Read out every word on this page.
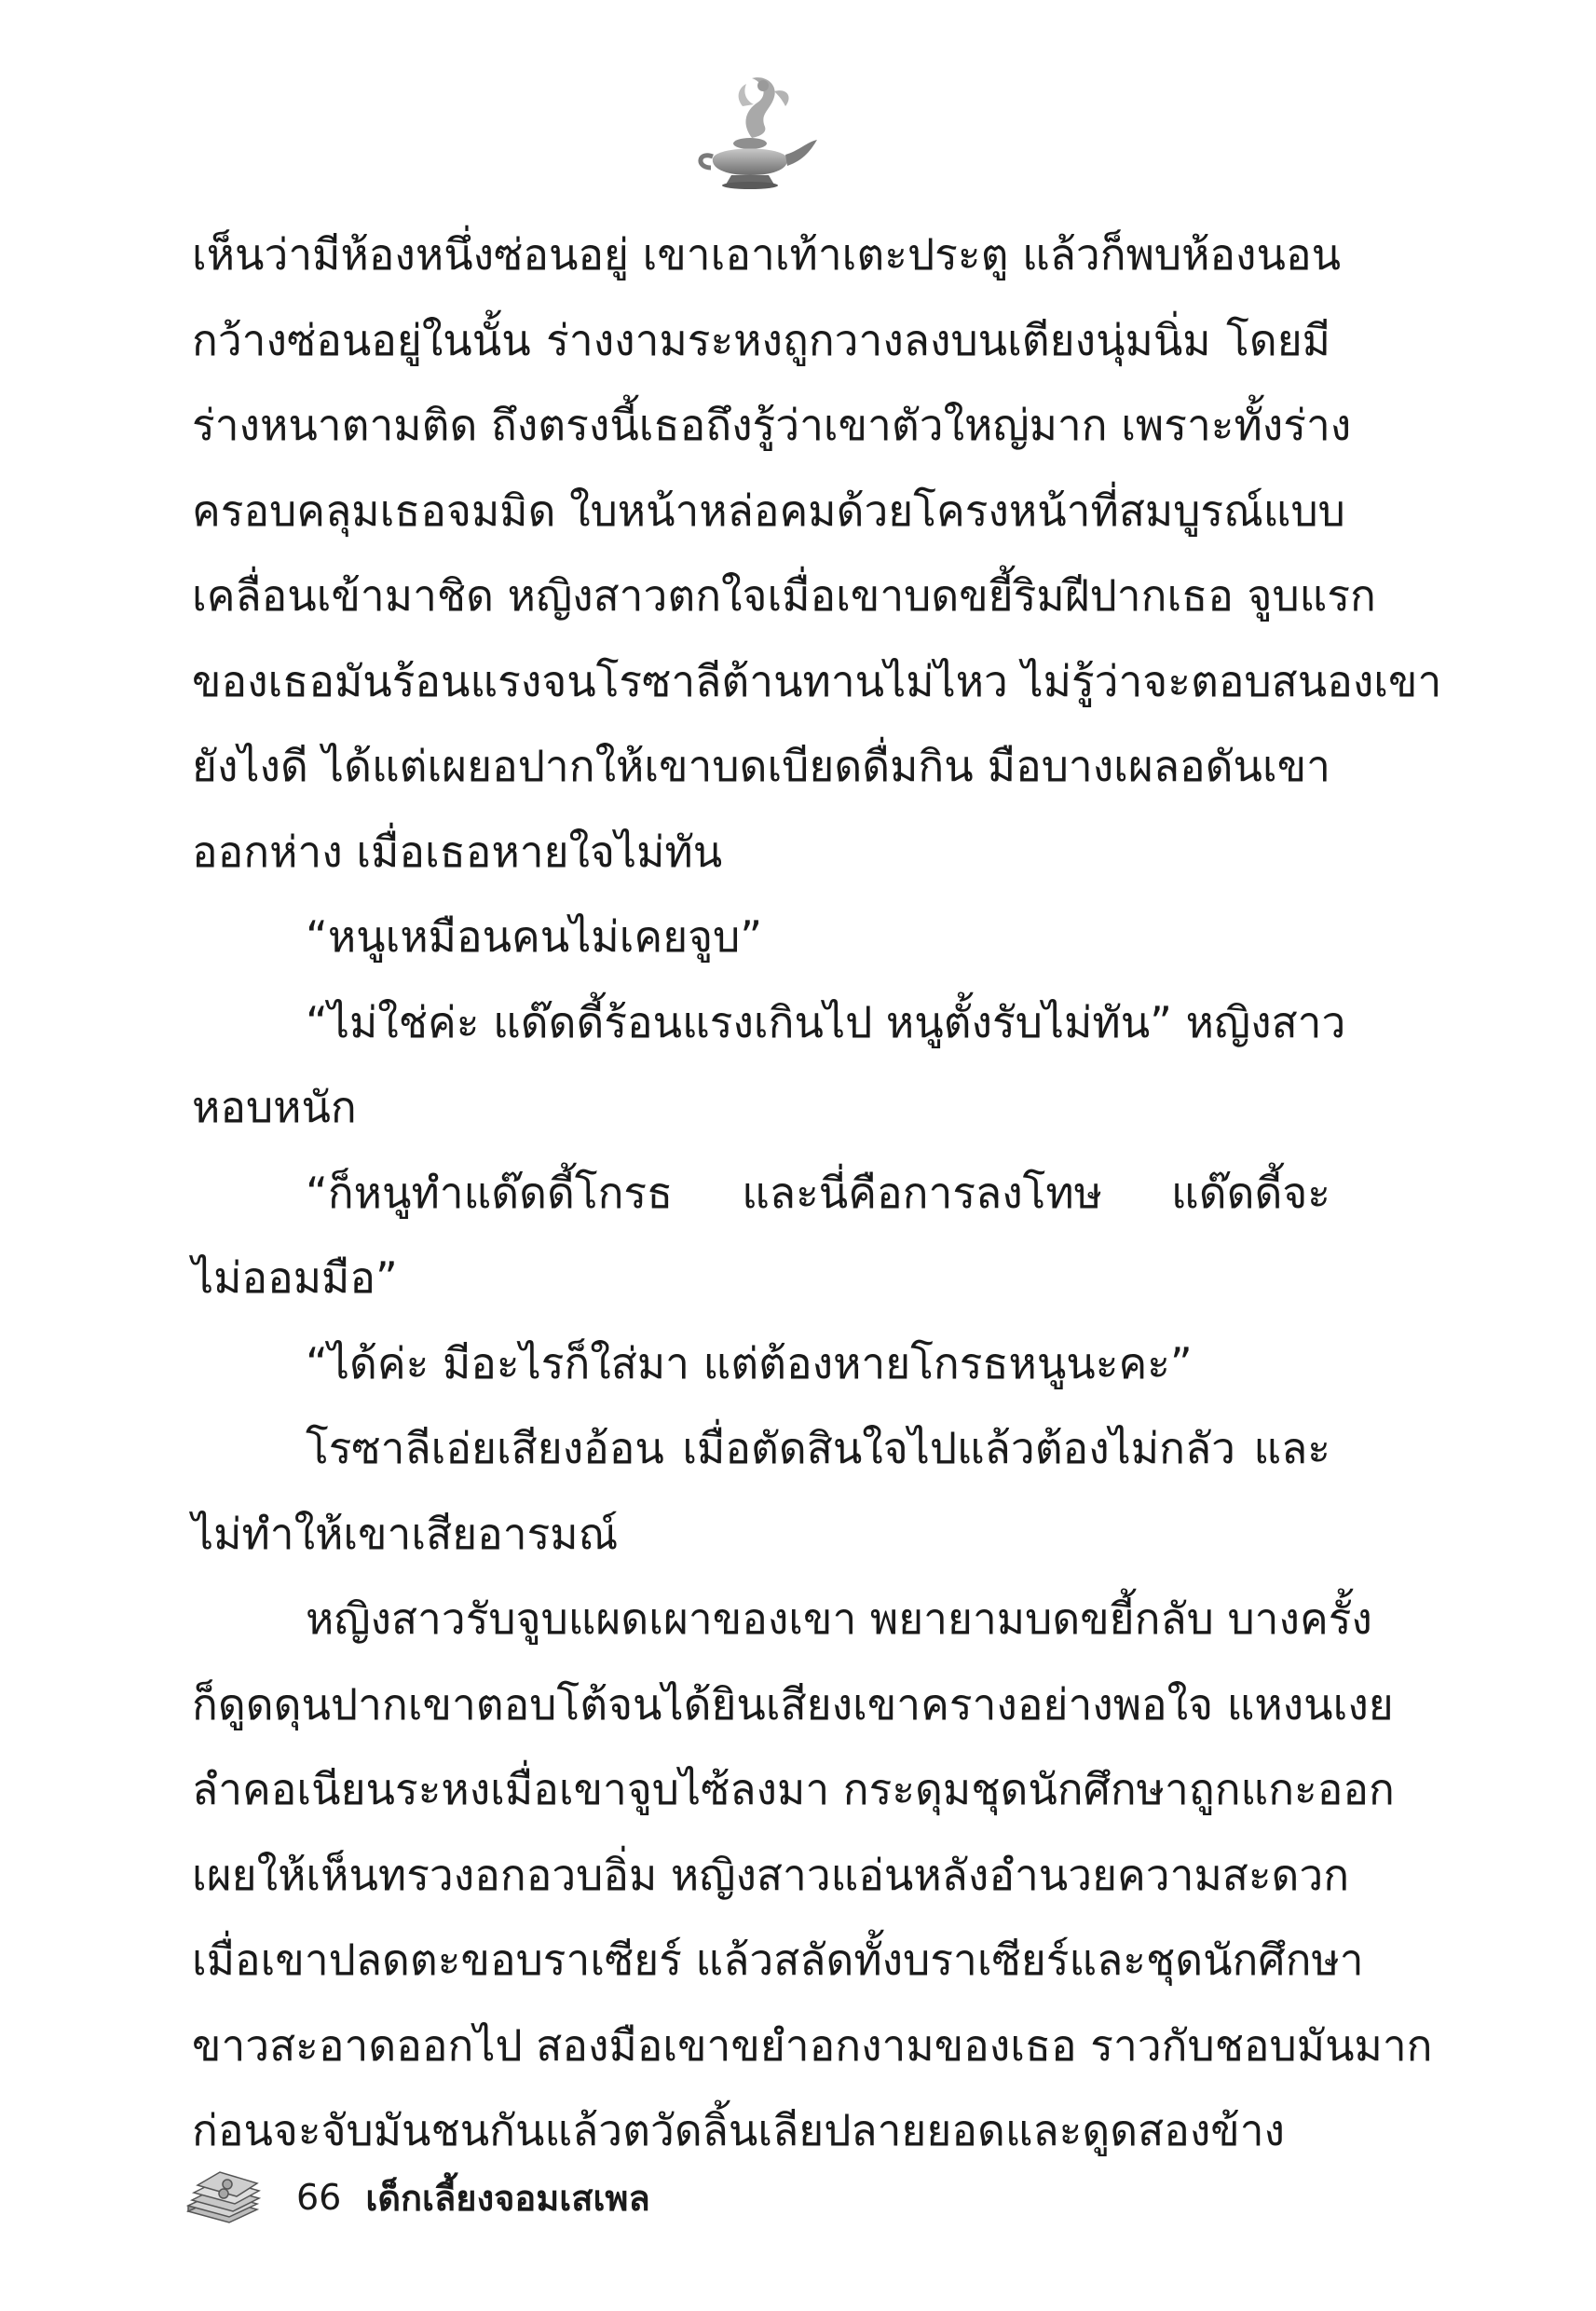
เห็นว่ามีห้องหนึ่งซ่อนอยู่ เขาเอาเท้าเตะประตู แล้วก็พบห้องนอน

กว้างซ่อนอยู่ในนั้น ร่างงามระหงถูกวางลงบนเตียงนุ่มนิ่ม โดยมี

ร่างหนาตามติด ถึงตรงนี้เธอถึงรู้ว่าเขาตัวใหญ่มาก เพราะทั้งร่าง

ครอบคลุมเธอจมมิด ใบหน้าหล่อคมด้วยโครงหน้าที่สมบูรณ์แบบ

เคลื่อนเข้ามาชิด หญิงสาวตกใจเมื่อเขาบดขยี้ริมฝีปากเธอ จูบแรก

ของเธอมันร้อนแรงจนโรซาลีต้านทานไม่ไหว ไม่รู้ว่าจะตอบสนองเขา

ยังไงดี ได้แต่เผยอปากให้เขาบดเบียดดื่มกิน มือบางเผลอดันเขา

ออกห่าง เมื่อเธอหายใจไม่ทัน

“หนูเหมือนคนไม่เคยจูบ”

“ไม่ใช่ค่ะ แด๊ดดี้ร้อนแรงเกินไป หนูตั้งรับไม่ทัน” หญิงสาว

หอบหนัก

“ก็หนูทำแด๊ดดี้โกรธ และนี่คือการลงโทษ แด๊ดดี้จะ

ไม่ออมมือ”

“ได้ค่ะ มีอะไรก็ใส่มา แต่ต้องหายโกรธหนูนะคะ”

โรซาลีเอ่ยเสียงอ้อน เมื่อตัดสินใจไปแล้วต้องไม่กลัว และ

ไม่ทำให้เขาเสียอารมณ์

หญิงสาวรับจูบแผดเผาของเขา พยายามบดขยี้กลับ บางครั้ง

ก็ดูดดุนปากเขาตอบโต้จนได้ยินเสียงเขาครางอย่างพอใจ แหงนเงย

ลำคอเนียนระหงเมื่อเขาจูบไซ้ลงมา กระดุมชุดนักศึกษาถูกแกะออก

เผยให้เห็นทรวงอกอวบอิ่ม หญิงสาวแอ่นหลังอำนวยความสะดวก

เมื่อเขาปลดตะขอบราเซียร์ แล้วสลัดทั้งบราเซียร์และชุดนักศึกษา

ขาวสะอาดออกไป สองมือเขาขยำอกงามของเธอ ราวกับชอบมันมาก

ก่อนจะจับมันชนกันแล้วตวัดลิ้นเลียปลายยอดและดูดสองข้าง

66 เด็กเลี้ยงจอมเสเพล
